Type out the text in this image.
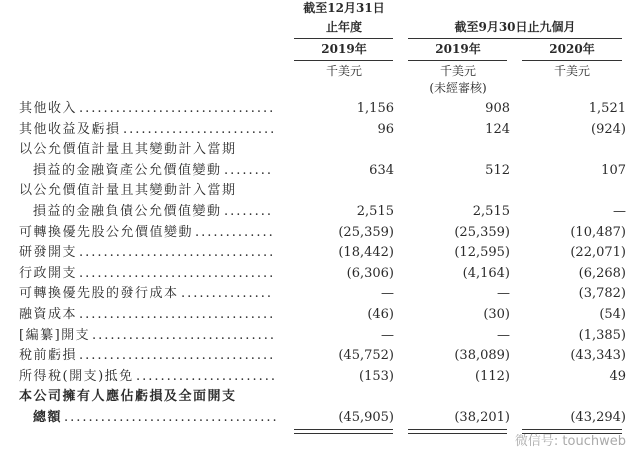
截至12月31日
止年度	截至9月30日止九個月
2019年	2019年	2020年
千美元	千美元	千美元
(未經審核)
其他收入 ................................	1,156	908	1,521
其他收益及虧損 .........................	96	124	(924)
以公允價值計量且其變動計入當期
損益的金融資產公允價值變動 ........	634	512	107
以公允價值計量且其變動計入當期
損益的金融負債公允價值變動 ........	2,515	2,515	—
可轉換優先股公允價值變動 .............	(25,359)	(25,359)	(10,487)
研發開支 ................................	(18,442)	(12,595)	(22,071)
行政開支 ................................	(6,306)	(4,164)	(6,268)
可轉換優先股的發行成本 ...............	—	—	(3,782)
融資成本 ................................	(46)	(30)	(54)
[編纂]開支 ..............................	—	—	(1,385)
稅前虧損 ................................	(45,752)	(38,089)	(43,343)
所得稅(開支)抵免 .......................	(153)	(112)	49
本公司擁有人應佔虧損及全面開支
總額 ...................................	(45,905)	(38,201)	(43,294)
微信号: touchweb
